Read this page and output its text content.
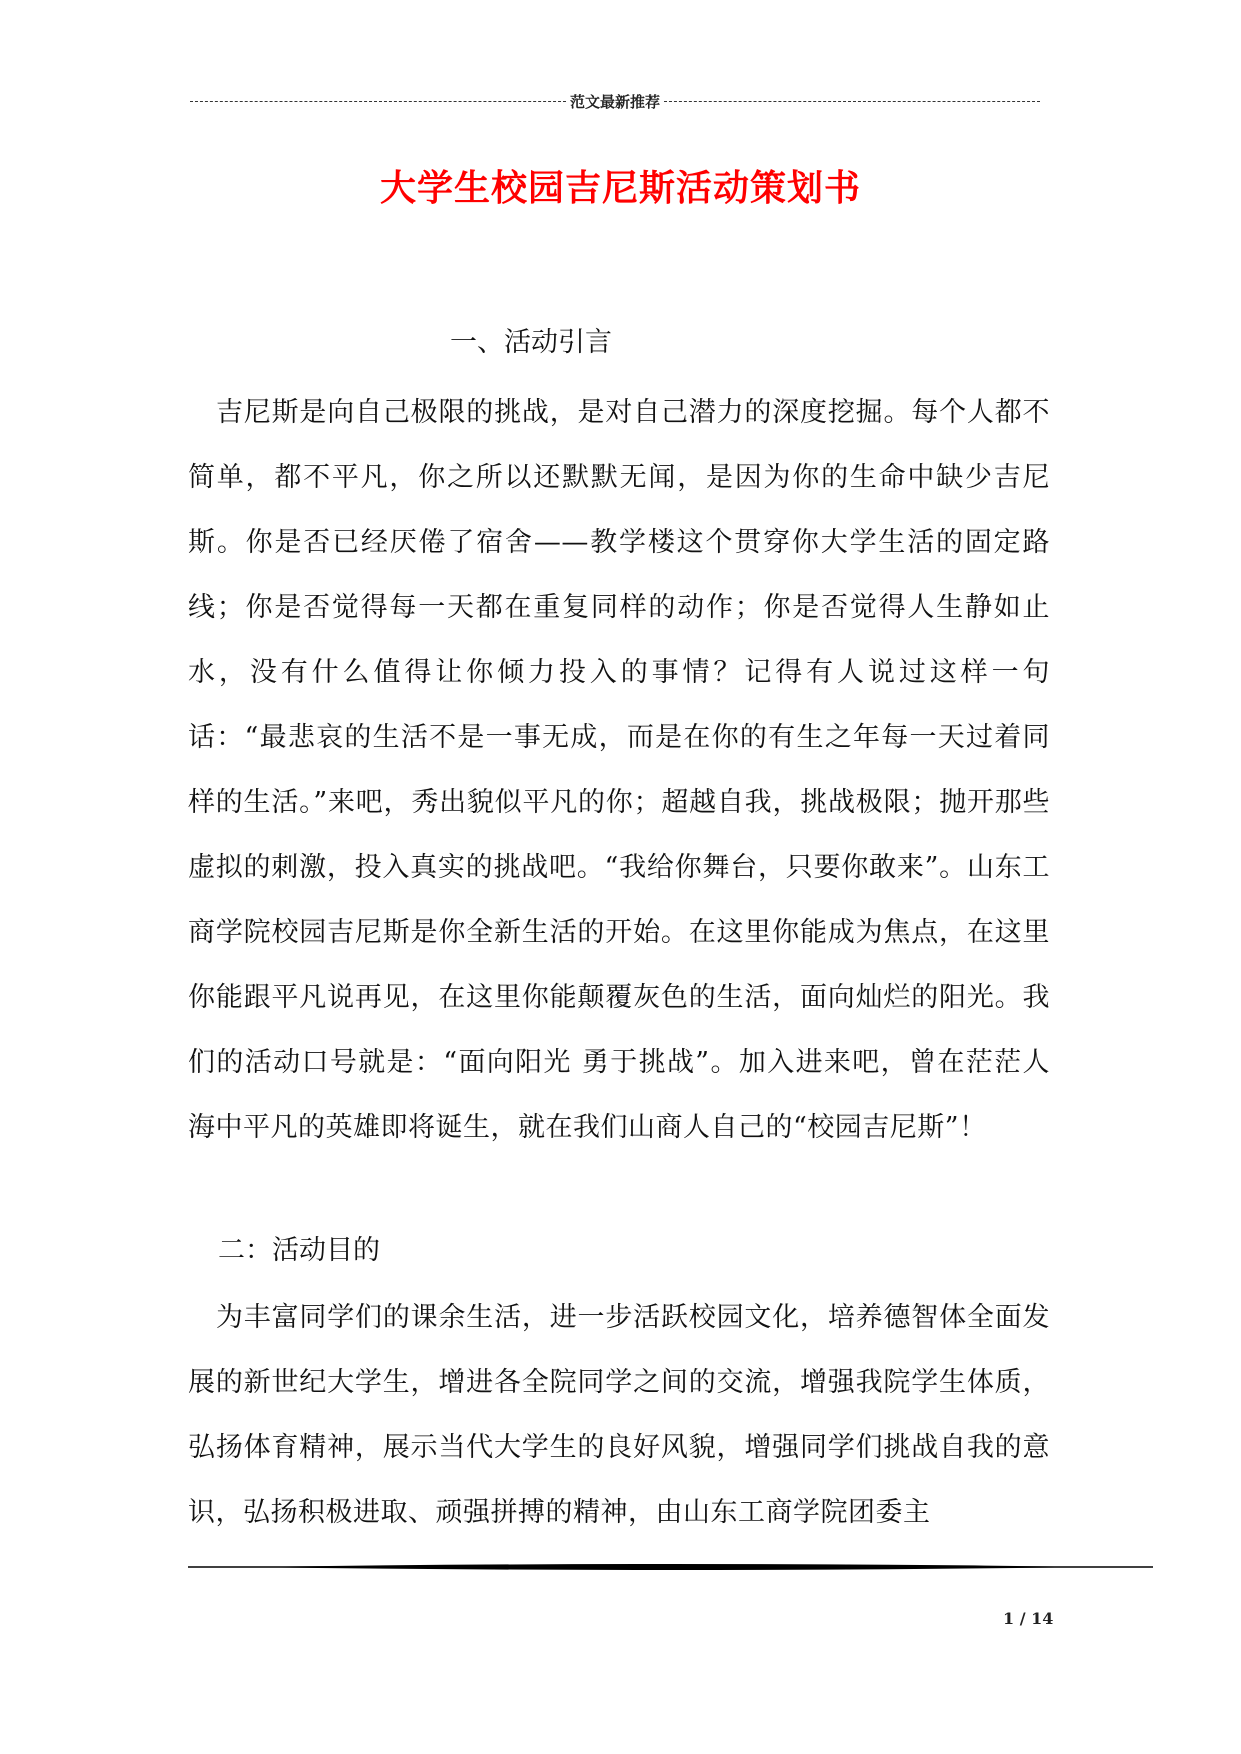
范文最新推荐
大学生校园吉尼斯活动策划书
一、活动引言
吉尼斯是向自己极限的挑战，是对自己潜力的深度挖掘。每个人都不简单，都不平凡，你之所以还默默无闻，是因为你的生命中缺少吉尼斯。你是否已经厌倦了宿舍——教学楼这个贯穿你大学生活的固定路线；你是否觉得每一天都在重复同样的动作；你是否觉得人生静如止水，没有什么值得让你倾力投入的事情？记得有人说过这样一句话：“最悲哀的生活不是一事无成，而是在你的有生之年每一天过着同样的生活。”来吧，秀出貌似平凡的你；超越自我，挑战极限；抛开那些虚拟的刺激，投入真实的挑战吧。“我给你舞台，只要你敢来”。山东工商学院校园吉尼斯是你全新生活的开始。在这里你能成为焦点，在这里你能跟平凡说再见，在这里你能颠覆灰色的生活，面向灿烂的阳光。我们的活动口号就是：“面向阳光 勇于挑战”。加入进来吧，曾在茫茫人海中平凡的英雄即将诞生，就在我们山商人自己的“校园吉尼斯”！
二：活动目的
为丰富同学们的课余生活，进一步活跃校园文化，培养德智体全面发展的新世纪大学生，增进各全院同学之间的交流，增强我院学生体质，弘扬体育精神，展示当代大学生的良好风貌，增强同学们挑战自我的意识，弘扬积极进取、顽强拼搏的精神，由山东工商学院团委主
1 / 14
